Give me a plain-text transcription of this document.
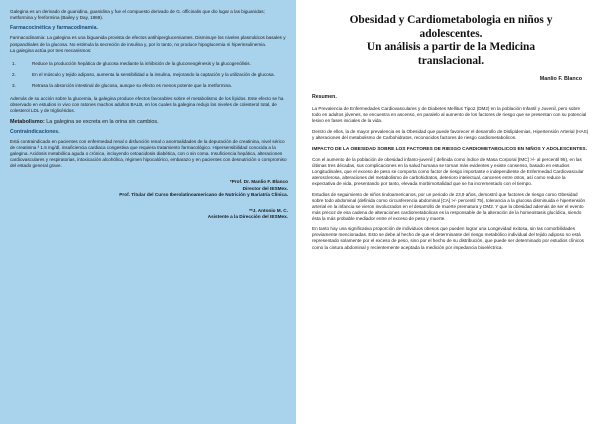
Galegina es un derivado de guanidina, guanidina y fue el compuesto derivado de G. officinalis que dio lugar a las biguanidas; metformina y fenformina (Bailey y Day, 1989).

Farmacocinética y farmacodinamia.

Farmacodinamia: La galegina es una biguanida provista de efectos antihiperglucemiantes. Disminuye los niveles plasmáticos basales y pospandriales de la glucosa. No estimula la secreción de insulina y, por lo tanto, no produce hipoglucemia ni hiperinsulinemia.

La galegina actúa por tres mecanismos:

1.	Reduce la producción hepática de glucosa mediante la inhibición de la gluconeogénesis y la glucogenólisis.
2.	En el músculo y tejido adiposo, aumenta la sensibilidad a la insulina, mejorando la captación y la utilización de glucosa.
3.	Retrasa la absorción intestinal de glucosa, aunque su efecto es menos potente que la metformina.

Además de su acción sobre la glucemia, la galegina produce efectos favorables sobre el metabolismo de los lípidos. Este efecto se ha observado en estudios in vivo con ratones machos adultos BALB, en los cuales la galegina redujo los niveles de colesterol total, de colesterol LDL y de triglicéridos.

Metabolismo: La galegina se excreta en la orina sin cambios.

Contraindicaciones.

Está contraindicado en pacientes con enfermedad renal o disfunción renal o anormalidades de la depuración de creatinina, nivel sérico de creatinina ³ 1.5 mg/dl, insuficiencia cardiaca congestiva que requiera tratamiento farmacológico. Hipersensibilidad conocida a la galegina. Acidosis metabólica aguda o crónica, incluyendo cetoacidosis diabética, con o sin coma. Insuficiencia hepática, alteraciones cardiovasculares y respiratorias, intoxicación alcohólica, régimen hipocalórico, embarazo y en pacientes con desnutrición o compromiso del estado general grave.

*Prof. Dr. Manlio F. Blanco
Director del IESMex.
Prof. Titular del Curso Iberolatinoamericano de Nutrición y Bariatría Clínica.
**J. Antonio M. C.
Asistente a la Dirección del IESMex.
Obesidad y Cardiometabologia en niños y
adolescentes.
Un análisis a partir de la Medicina
translacional.
Manlio F. Blanco
Resumen.

La Prevalencia de Enfermedades Cardiovasculares y de Diabetes Mellitus Tipo2 (DM2) en la población Infantil y Juvenil, pero sobre todo en adultos jóvenes, se encuentra en ascenso, en paralelo al aumento de los factores de riesgo que se presentan con su potencial lesivo en fases iniciales de la vida.

Dentro de ellos, la de mayor prevalencia es la Obesidad que puede favorecer el desarrollo de Dislipidemias, Hipertensión Arterial (HAS) y alteraciones del metabolismo de Carbohidratos, reconocidos factores de riesgo cardiometabolicos.

IMPACTO DE LA OBESIDAD SOBRE LOS FACTORES DE RIESGO CARDIOMETABOLICOS EN NIÑOS Y ADOLESCENTES.

Con el aumento de la población de obesidad infanto-juvenil ( definida como índice de Masa Corporal [IMC] >/- al percentil 95), en las últimas tres décadas, sus complicaciones en la salud humana se tornan más evidentes y existe consenso, basado en estudios Longitudinales, que el exceso de peso se comporta como factor de riesgo importante e independiente de Enfermedad Cardiovascular aterosclerosa, alteraciones del metabolismo de carbohidratos, deterioro intelectual, canceres entre otros, así como reduce la expectativa de vida, presentando por tanto, elevada morbimortalidad que se ha incrementado con el tiempo.

Estudios de seguimiento de niños Iindoamericanos, por un periodo de 23,9 años, demostró que factores de riesgo como Obesidad sobre todo abdominal (definida como circunferencia abdominal [CA] >/- percentil 75), tolerancia a la glucosa disminuida e hipertensión arterial en la infancia se vieron involucrados en el desarrollo de muerte prematura y DM2. Y que la obesidad además de ser el evento más precoz de esa cadena de alteraciones cardiometabolicas es la responsable de la alteración de la homeostasis glucídica, siendo ésta la más probable mediador entre el exceso de peso y muerte.

En tanto hay una significativa proporción de individuos obesos que pueden lograr una Longevidad exitosa, sin las comorbilidades previamente mencionadas. Esto se debe al hecho de que el determinante del riesgo metabólico individual del tejido adiposo no está representado solamente por el exceso de peso, sino por el hecho de su distribución, que puede ser determinado por estudios clínicos como la cintura abdominal y recientemente aceptada la medición por impedancia bioeléctrica.
